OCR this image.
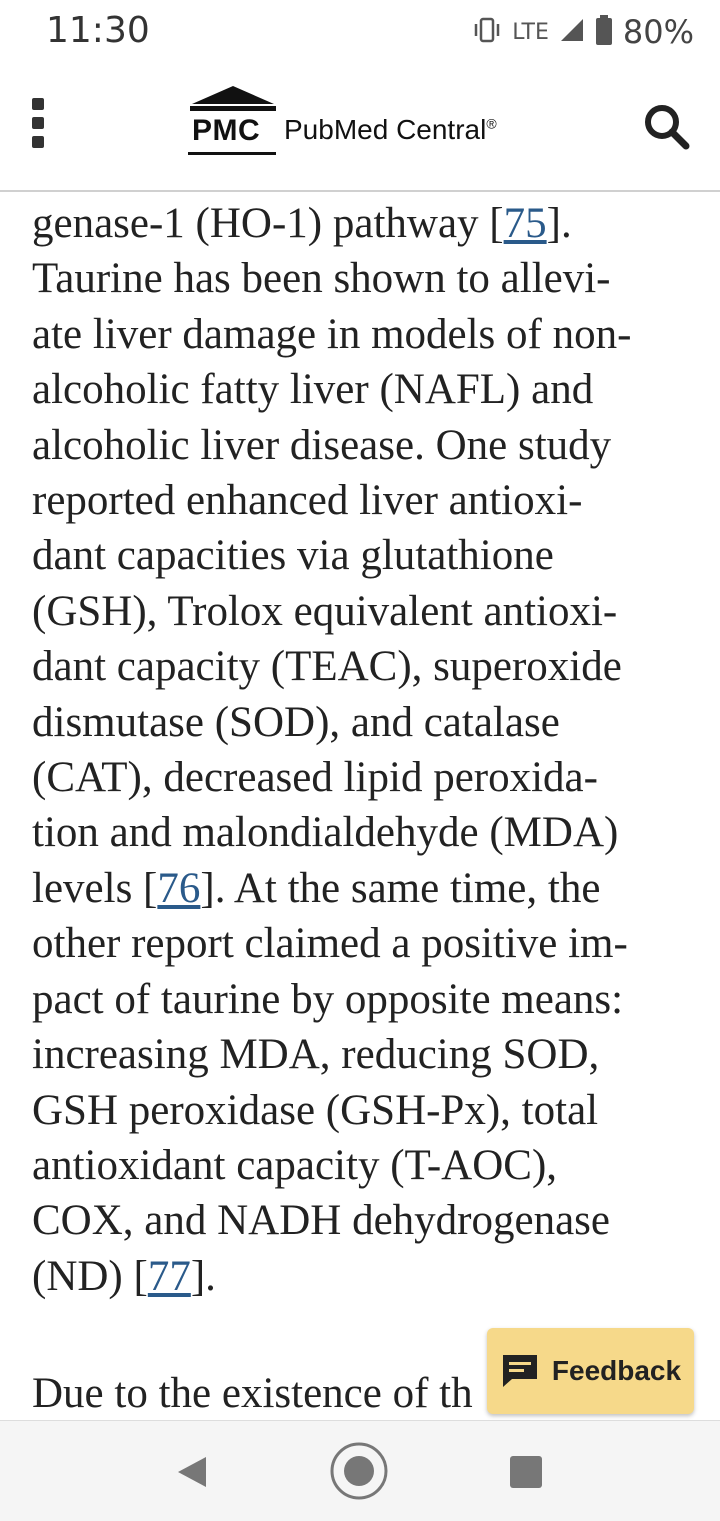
11:30	LTE 80%
PMC PubMed Central®

genase-1 (HO-1) pathway [75].
Taurine has been shown to allevi-
ate liver damage in models of non-
alcoholic fatty liver (NAFL) and
alcoholic liver disease. One study
reported enhanced liver antioxi-
dant capacities via glutathione
(GSH), Trolox equivalent antioxi-
dant capacity (TEAC), superoxide
dismutase (SOD), and catalase
(CAT), decreased lipid peroxida-
tion and malondialdehyde (MDA)
levels [76]. At the same time, the
other report claimed a positive im-
pact of taurine by opposite means:
increasing MDA, reducing SOD,
GSH peroxidase (GSH-Px), total
antioxidant capacity (T-AOC),
COX, and NADH dehydrogenase
(ND) [77].

Due to the existence of th	Feedback
